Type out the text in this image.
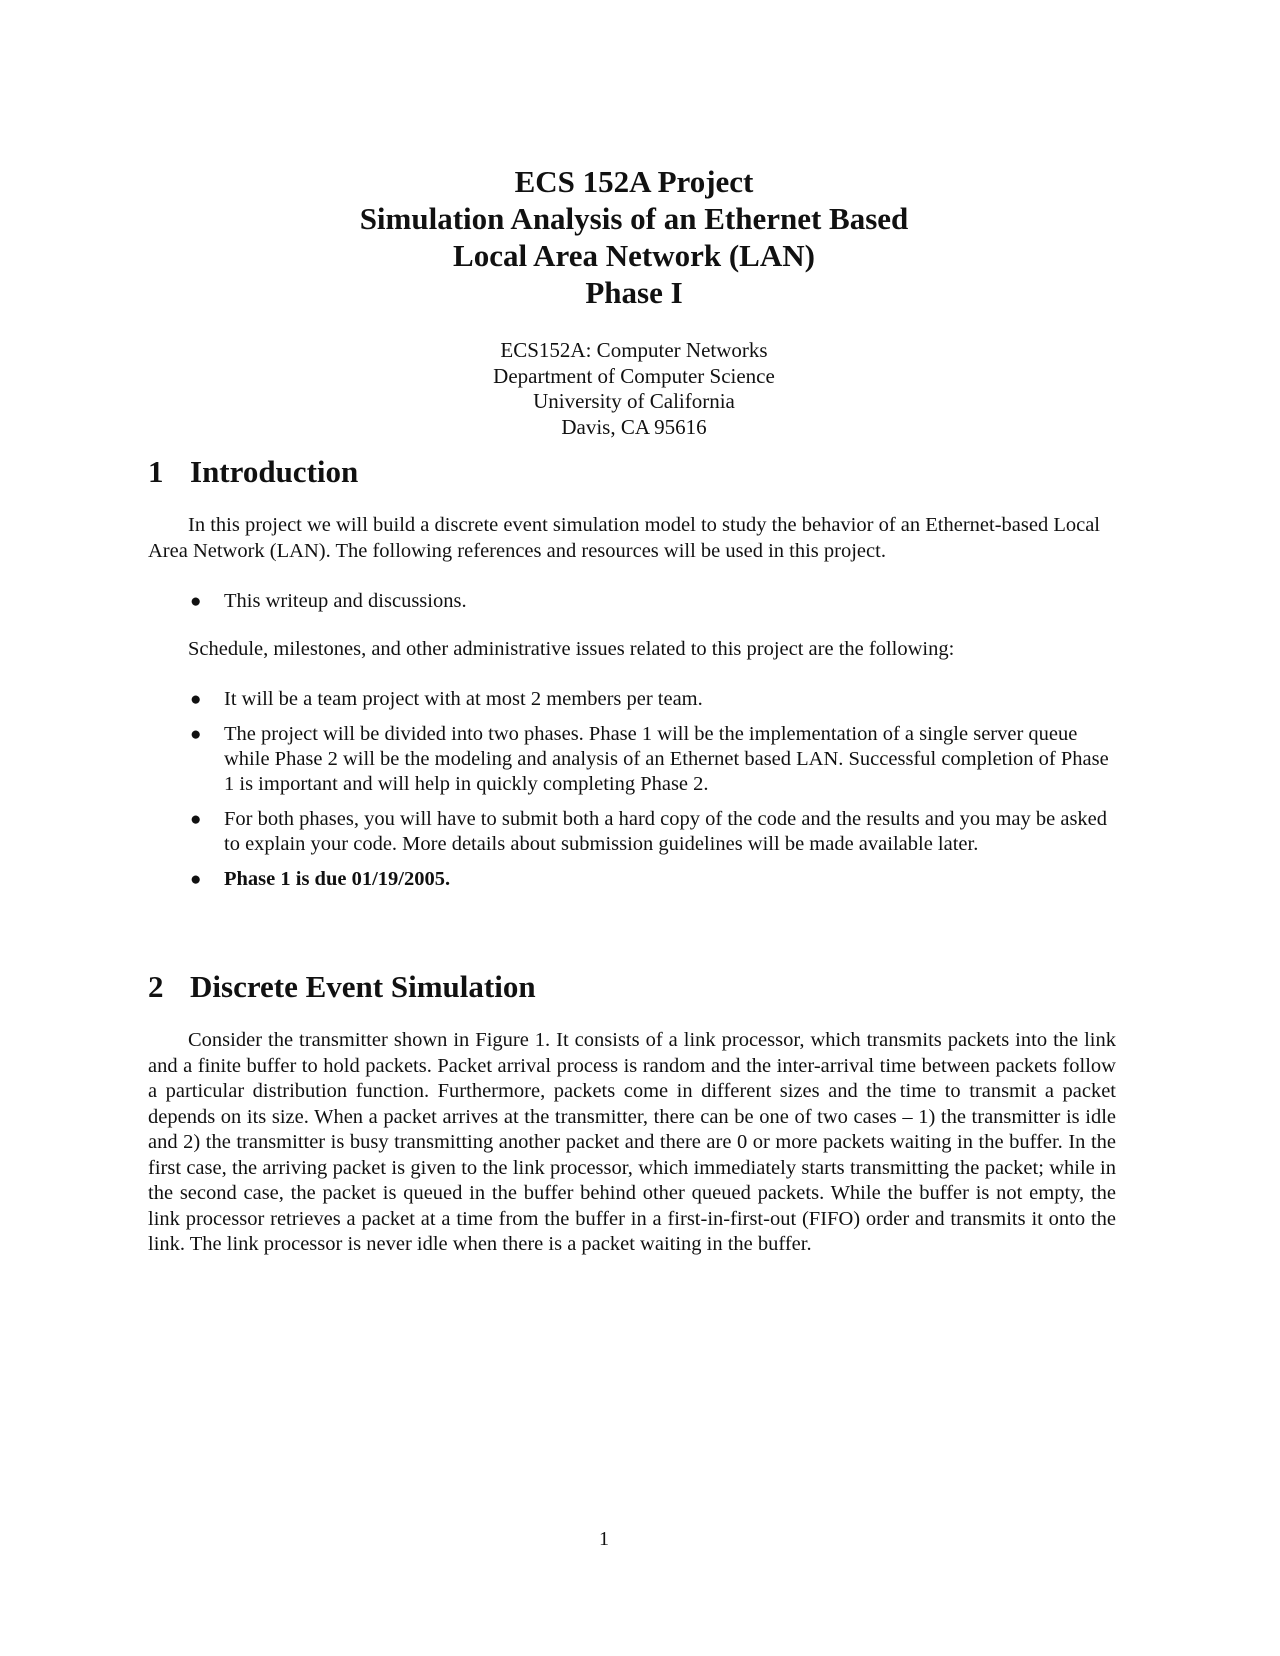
ECS 152A Project
Simulation Analysis of an Ethernet Based
Local Area Network (LAN)
Phase I
ECS152A: Computer Networks
Department of Computer Science
University of California
Davis, CA 95616
1 Introduction

In this project we will build a discrete event simulation model to study the behavior of an Ethernet-based Local Area Network (LAN). The following references and resources will be used in this project.

● This writeup and discussions.

Schedule, milestones, and other administrative issues related to this project are the following:

● It will be a team project with at most 2 members per team.
● The project will be divided into two phases. Phase 1 will be the implementation of a single server queue while Phase 2 will be the modeling and analysis of an Ethernet based LAN. Successful completion of Phase 1 is important and will help in quickly completing Phase 2.
● For both phases, you will have to submit both a hard copy of the code and the results and you may be asked to explain your code. More details about submission guidelines will be made available later.
● Phase 1 is due 01/19/2005.
2 Discrete Event Simulation

Consider the transmitter shown in Figure 1. It consists of a link processor, which transmits packets into the link and a finite buffer to hold packets. Packet arrival process is random and the inter-arrival time between packets follow a particular distribution function. Furthermore, packets come in different sizes and the time to transmit a packet depends on its size. When a packet arrives at the transmitter, there can be one of two cases – 1) the transmitter is idle and 2) the transmitter is busy transmitting another packet and there are 0 or more packets waiting in the buffer. In the first case, the arriving packet is given to the link processor, which immediately starts transmitting the packet; while in the second case, the packet is queued in the buffer behind other queued packets. While the buffer is not empty, the link processor retrieves a packet at a time from the buffer in a first-in-first-out (FIFO) order and transmits it onto the link. The link processor is never idle when there is a packet waiting in the buffer.

1
